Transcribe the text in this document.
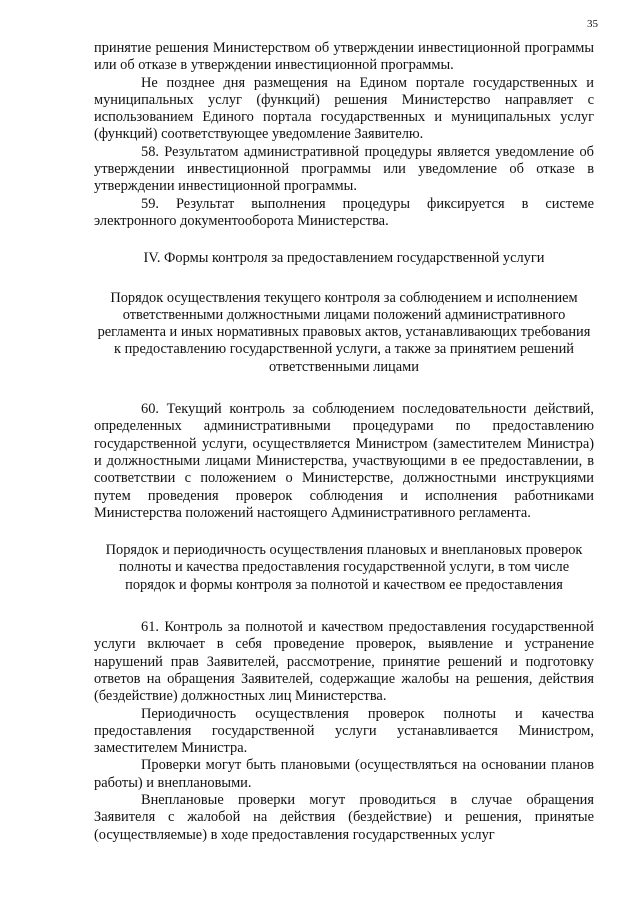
35

принятие решения Министерством об утверждении инвестиционной программы или об отказе в утверждении инвестиционной программы.

Не позднее дня размещения на Едином портале государственных и муниципальных услуг (функций) решения Министерство направляет с использованием Единого портала государственных и муниципальных услуг (функций) соответствующее уведомление Заявителю.

58. Результатом административной процедуры является уведомление об утверждении инвестиционной программы или уведомление об отказе в утверждении инвестиционной программы.

59. Результат выполнения процедуры фиксируется в системе электронного документооборота Министерства.

IV. Формы контроля за предоставлением государственной услуги

Порядок осуществления текущего контроля за соблюдением и исполнением ответственными должностными лицами положений административного регламента и иных нормативных правовых актов, устанавливающих требования к предоставлению государственной услуги, а также за принятием решений ответственными лицами

60. Текущий контроль за соблюдением последовательности действий, определенных административными процедурами по предоставлению государственной услуги, осуществляется Министром (заместителем Министра) и должностными лицами Министерства, участвующими в ее предоставлении, в соответствии с положением о Министерстве, должностными инструкциями путем проведения проверок соблюдения и исполнения работниками Министерства положений настоящего Административного регламента.

Порядок и периодичность осуществления плановых и внеплановых проверок полноты и качества предоставления государственной услуги, в том числе порядок и формы контроля за полнотой и качеством ее предоставления

61. Контроль за полнотой и качеством предоставления государственной услуги включает в себя проведение проверок, выявление и устранение нарушений прав Заявителей, рассмотрение, принятие решений и подготовку ответов на обращения Заявителей, содержащие жалобы на решения, действия (бездействие) должностных лиц Министерства.

Периодичность осуществления проверок полноты и качества предоставления государственной услуги устанавливается Министром, заместителем Министра.

Проверки могут быть плановыми (осуществляться на основании планов работы) и внеплановыми.

Внеплановые проверки могут проводиться в случае обращения Заявителя с жалобой на действия (бездействие) и решения, принятые (осуществляемые) в ходе предоставления государственных услуг
